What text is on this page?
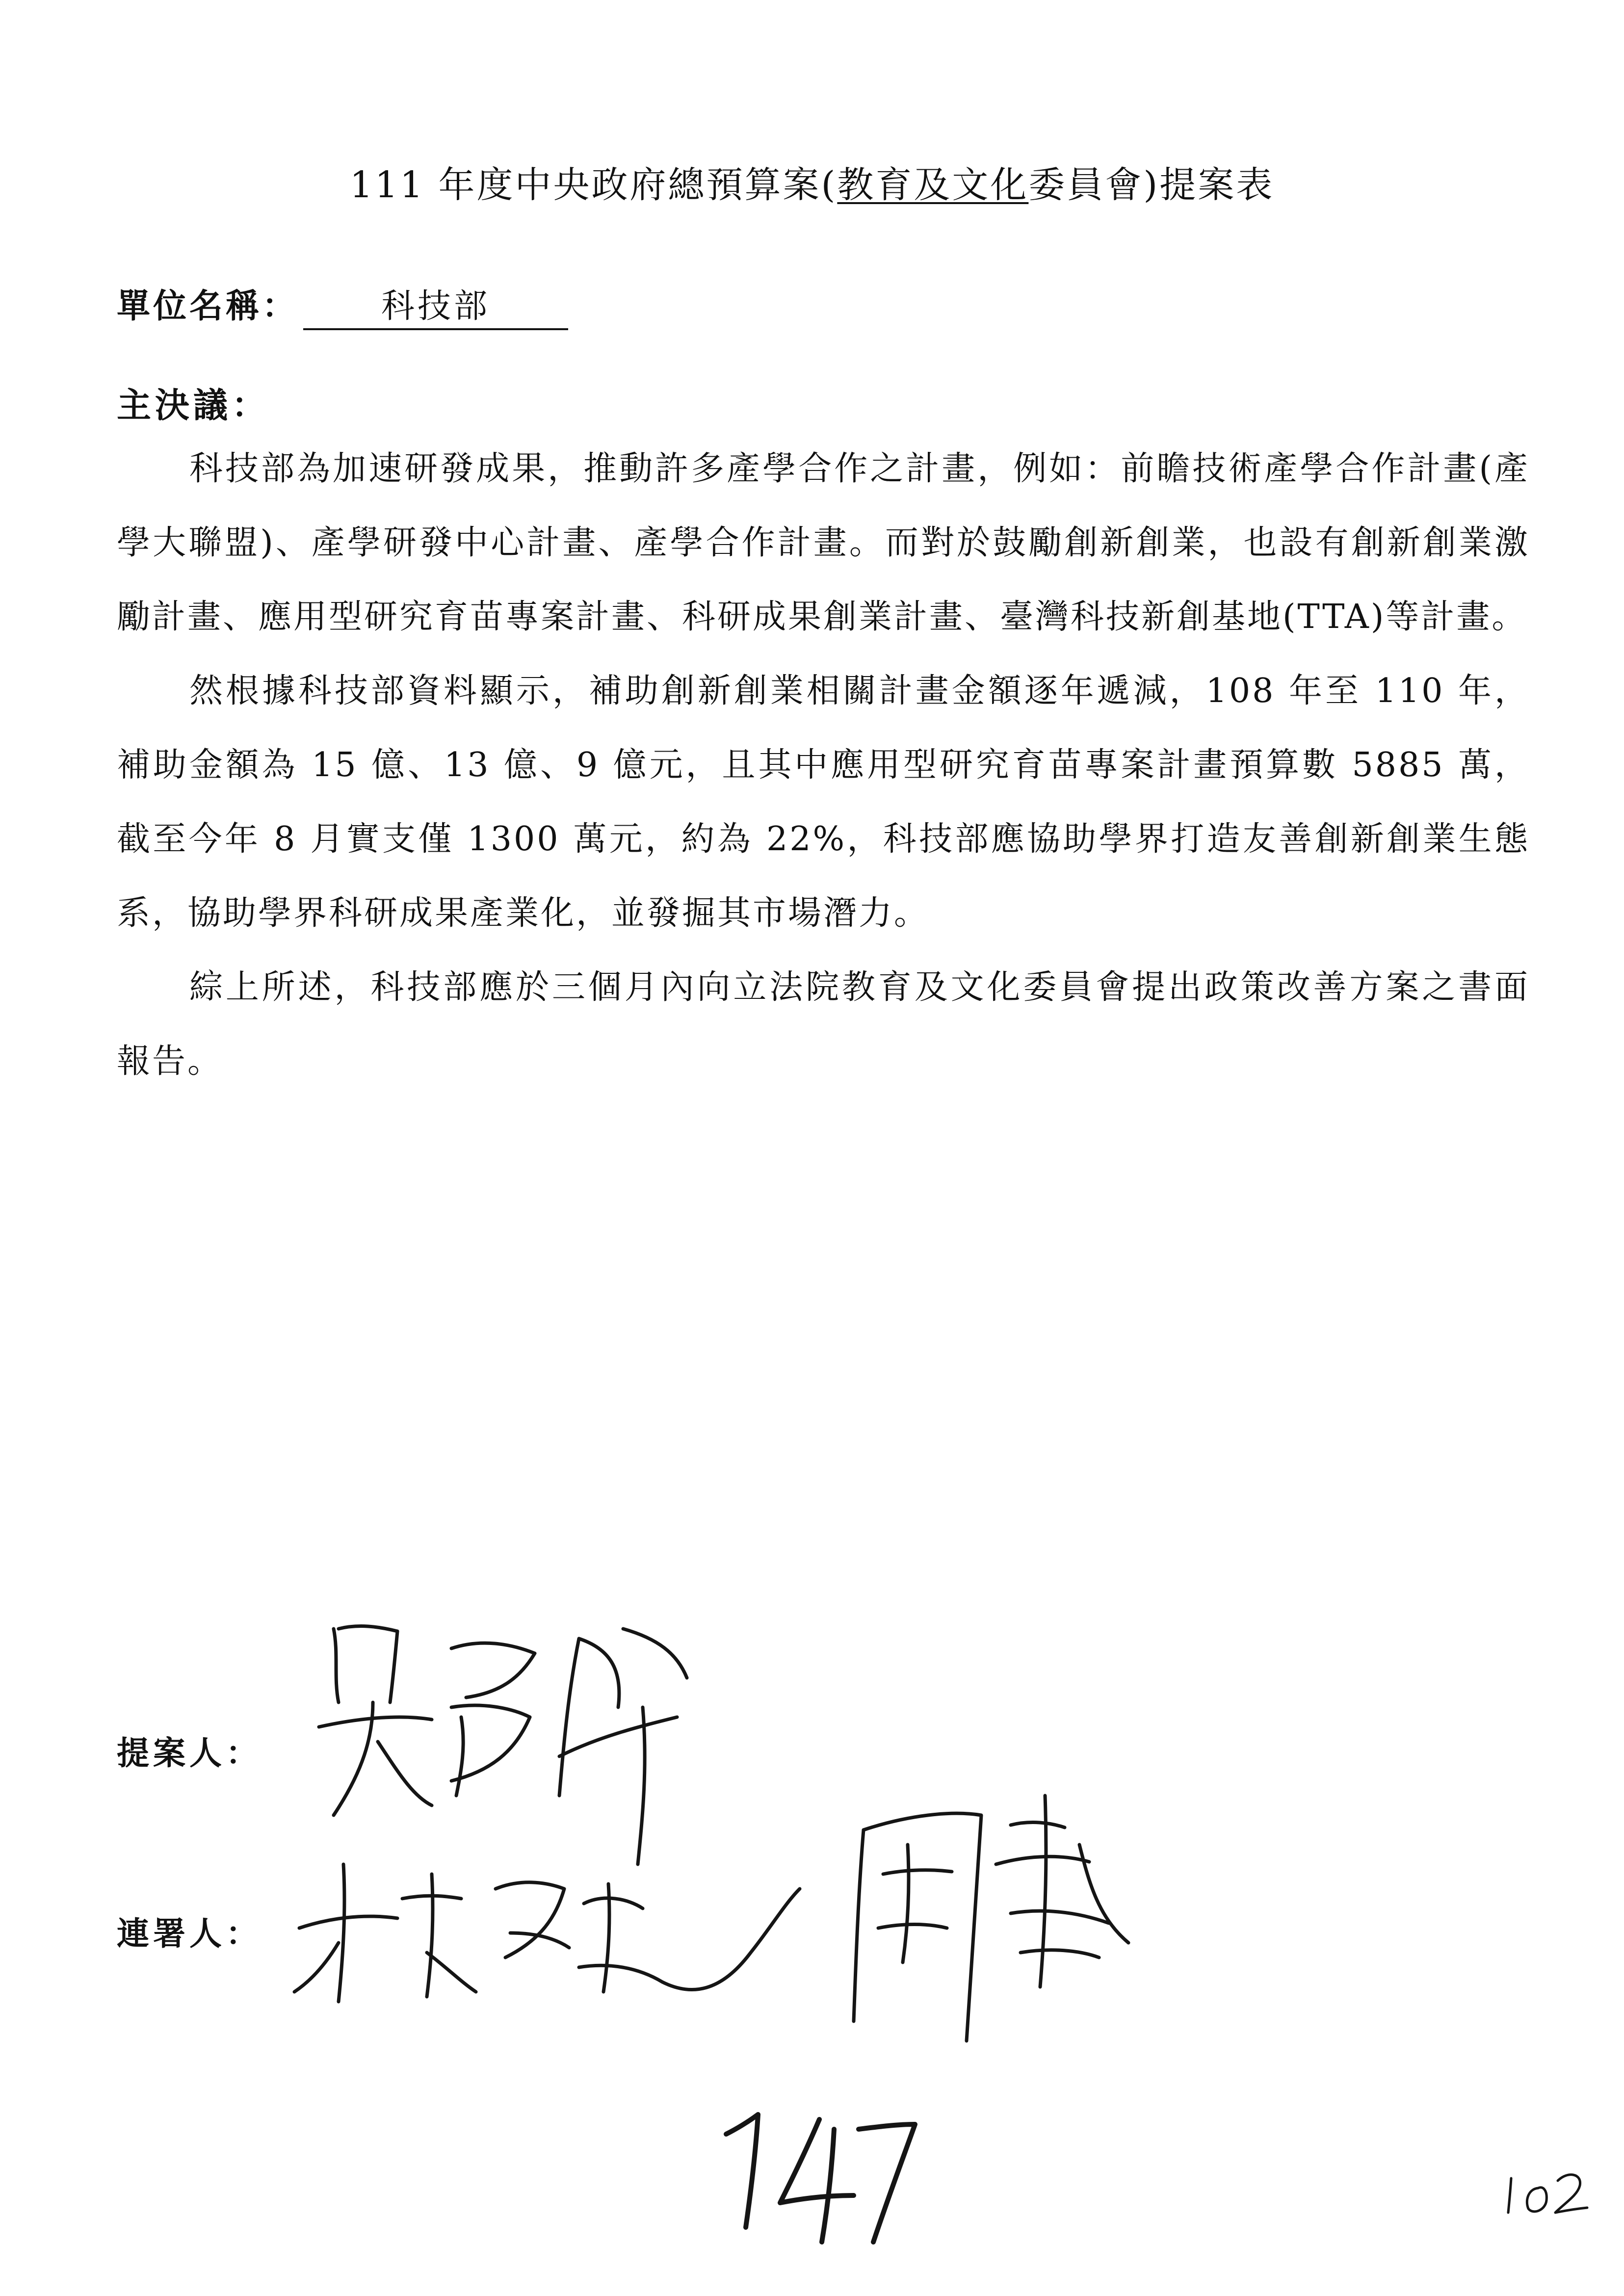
111 年度中央政府總預算案(教育及文化委員會)提案表
單位名稱： 科技部
主決議：

科技部為加速研發成果，推動許多產學合作之計畫，例如：前瞻技術產學合作計畫(產學大聯盟)、產學研發中心計畫、產學合作計畫。而對於鼓勵創新創業，也設有創新創業激勵計畫、應用型研究育苗專案計畫、科研成果創業計畫、臺灣科技新創基地(TTA)等計畫。

然根據科技部資料顯示，補助創新創業相關計畫金額逐年遞減，108 年至 110 年，補助金額為 15 億、13 億、9 億元，且其中應用型研究育苗專案計畫預算數 5885 萬，截至今年 8 月實支僅 1300 萬元，約為 22%，科技部應協助學界打造友善創新創業生態系，協助學界科研成果產業化，並發掘其市場潛力。

綜上所述，科技部應於三個月內向立法院教育及文化委員會提出政策改善方案之書面報告。

提案人：
連署人：
